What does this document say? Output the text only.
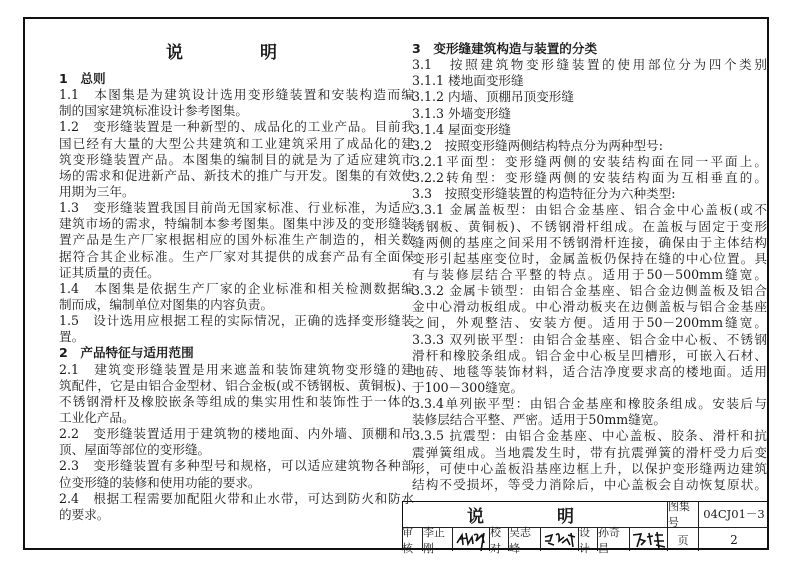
说　明
1　总则
1.1　本图集是为建筑设计选用变形缝装置和安装构造而编
制的国家建筑标准设计参考图集。
1.2　变形缝装置是一种新型的、成品化的工业产品。目前我
国已经有大量的大型公共建筑和工业建筑采用了成品化的建
筑变形缝装置产品。本图集的编制目的就是为了适应建筑市
场的需求和促进新产品、新技术的推广与开发。图集的有效使
用期为三年。
1.3　变形缝装置我国目前尚无国家标准、行业标准，为适应
建筑市场的需求，特编制本参考图集。图集中涉及的变形缝装
置产品是生产厂家根据相应的国外标准生产制造的，相关数
据符合其企业标准。生产厂家对其提供的成套产品有全面保
证其质量的责任。
1.4　本图集是依据生产厂家的企业标准和相关检测数据编
制而成，编制单位对图集的内容负责。
1.5　设计选用应根据工程的实际情况，正确的选择变形缝装
置。
2　产品特征与适用范围
2.1　建筑变形缝装置是用来遮盖和装饰建筑物变形缝的建
筑配件，它是由铝合金型材、铝合金板(或不锈钢板、黄铜板)、
不锈钢滑杆及橡胶嵌条等组成的集实用性和装饰性于一体的
工业化产品。
2.2　变形缝装置适用于建筑物的楼地面、内外墙、顶棚和吊
顶、屋面等部位的变形缝。
2.3　变形缝装置有多种型号和规格，可以适应建筑物各种部
位变形缝的装修和使用功能的要求。
2.4　根据工程需要加配阻火带和止水带，可达到防火和防水
的要求。
3　变形缝建筑构造与装置的分类
3.1　按照建筑物变形缝装置的使用部位分为四个类别
3.1.1 楼地面变形缝
3.1.2 内墙、顶棚吊顶变形缝
3.1.3 外墙变形缝
3.1.4 屋面变形缝
3.2　按照变形缝两侧结构特点分为两种型号:
3.2.1平面型：变形缝两侧的安装结构面在同一平面上。
3.2.2转角型：变形缝两侧的安装结构面为互相垂直的。
3.3　按照变形缝装置的构造特征分为六种类型:
3.3.1 金属盖板型：由铝合金基座、铝合金中心盖板(或不
锈钢板、黄铜板)、不锈钢滑杆组成。在盖板与固定于变形
缝两侧的基座之间采用不锈钢滑杆连接，确保由于主体结构
变形引起基座变位时，金属盖板仍保持在缝的中心位置。具
有与装修层结合平整的特点。适用于50－500mm缝宽。
3.3.2 金属卡锁型：由铝合金基座、铝合金边侧盖板及铝合
金中心滑动板组成。中心滑动板夹在边侧盖板与铝合金基座
之间，外观整洁、安装方便。适用于50－200mm缝宽。
3.3.3 双列嵌平型：由铝合金基座、铝合金中心板、不锈钢
滑杆和橡胶条组成。铝合金中心板呈凹槽形，可嵌入石材、
地砖、地毯等装饰材料，适合洁净度要求高的楼地面。适用
于100－300缝宽。
3.3.4单列嵌平型：由铝合金基座和橡胶条组成。安装后与
装修层结合平整、严密。适用于50mm缝宽。
3.3.5 抗震型：由铝合金基座、中心盖板、胶条、滑杆和抗
震弹簧组成。当地震发生时，带有抗震弹簧的滑杆受力后变
形，可使中心盖板沿基座边框上升，以保护变形缝两边建筑
结构不受损坏，等受力消除后，中心盖板会自动恢复原状。
说　明	图集号
04CJ01－3
审核
李正刚
校对
吴志峰
设计
孙奇昌
页	2
